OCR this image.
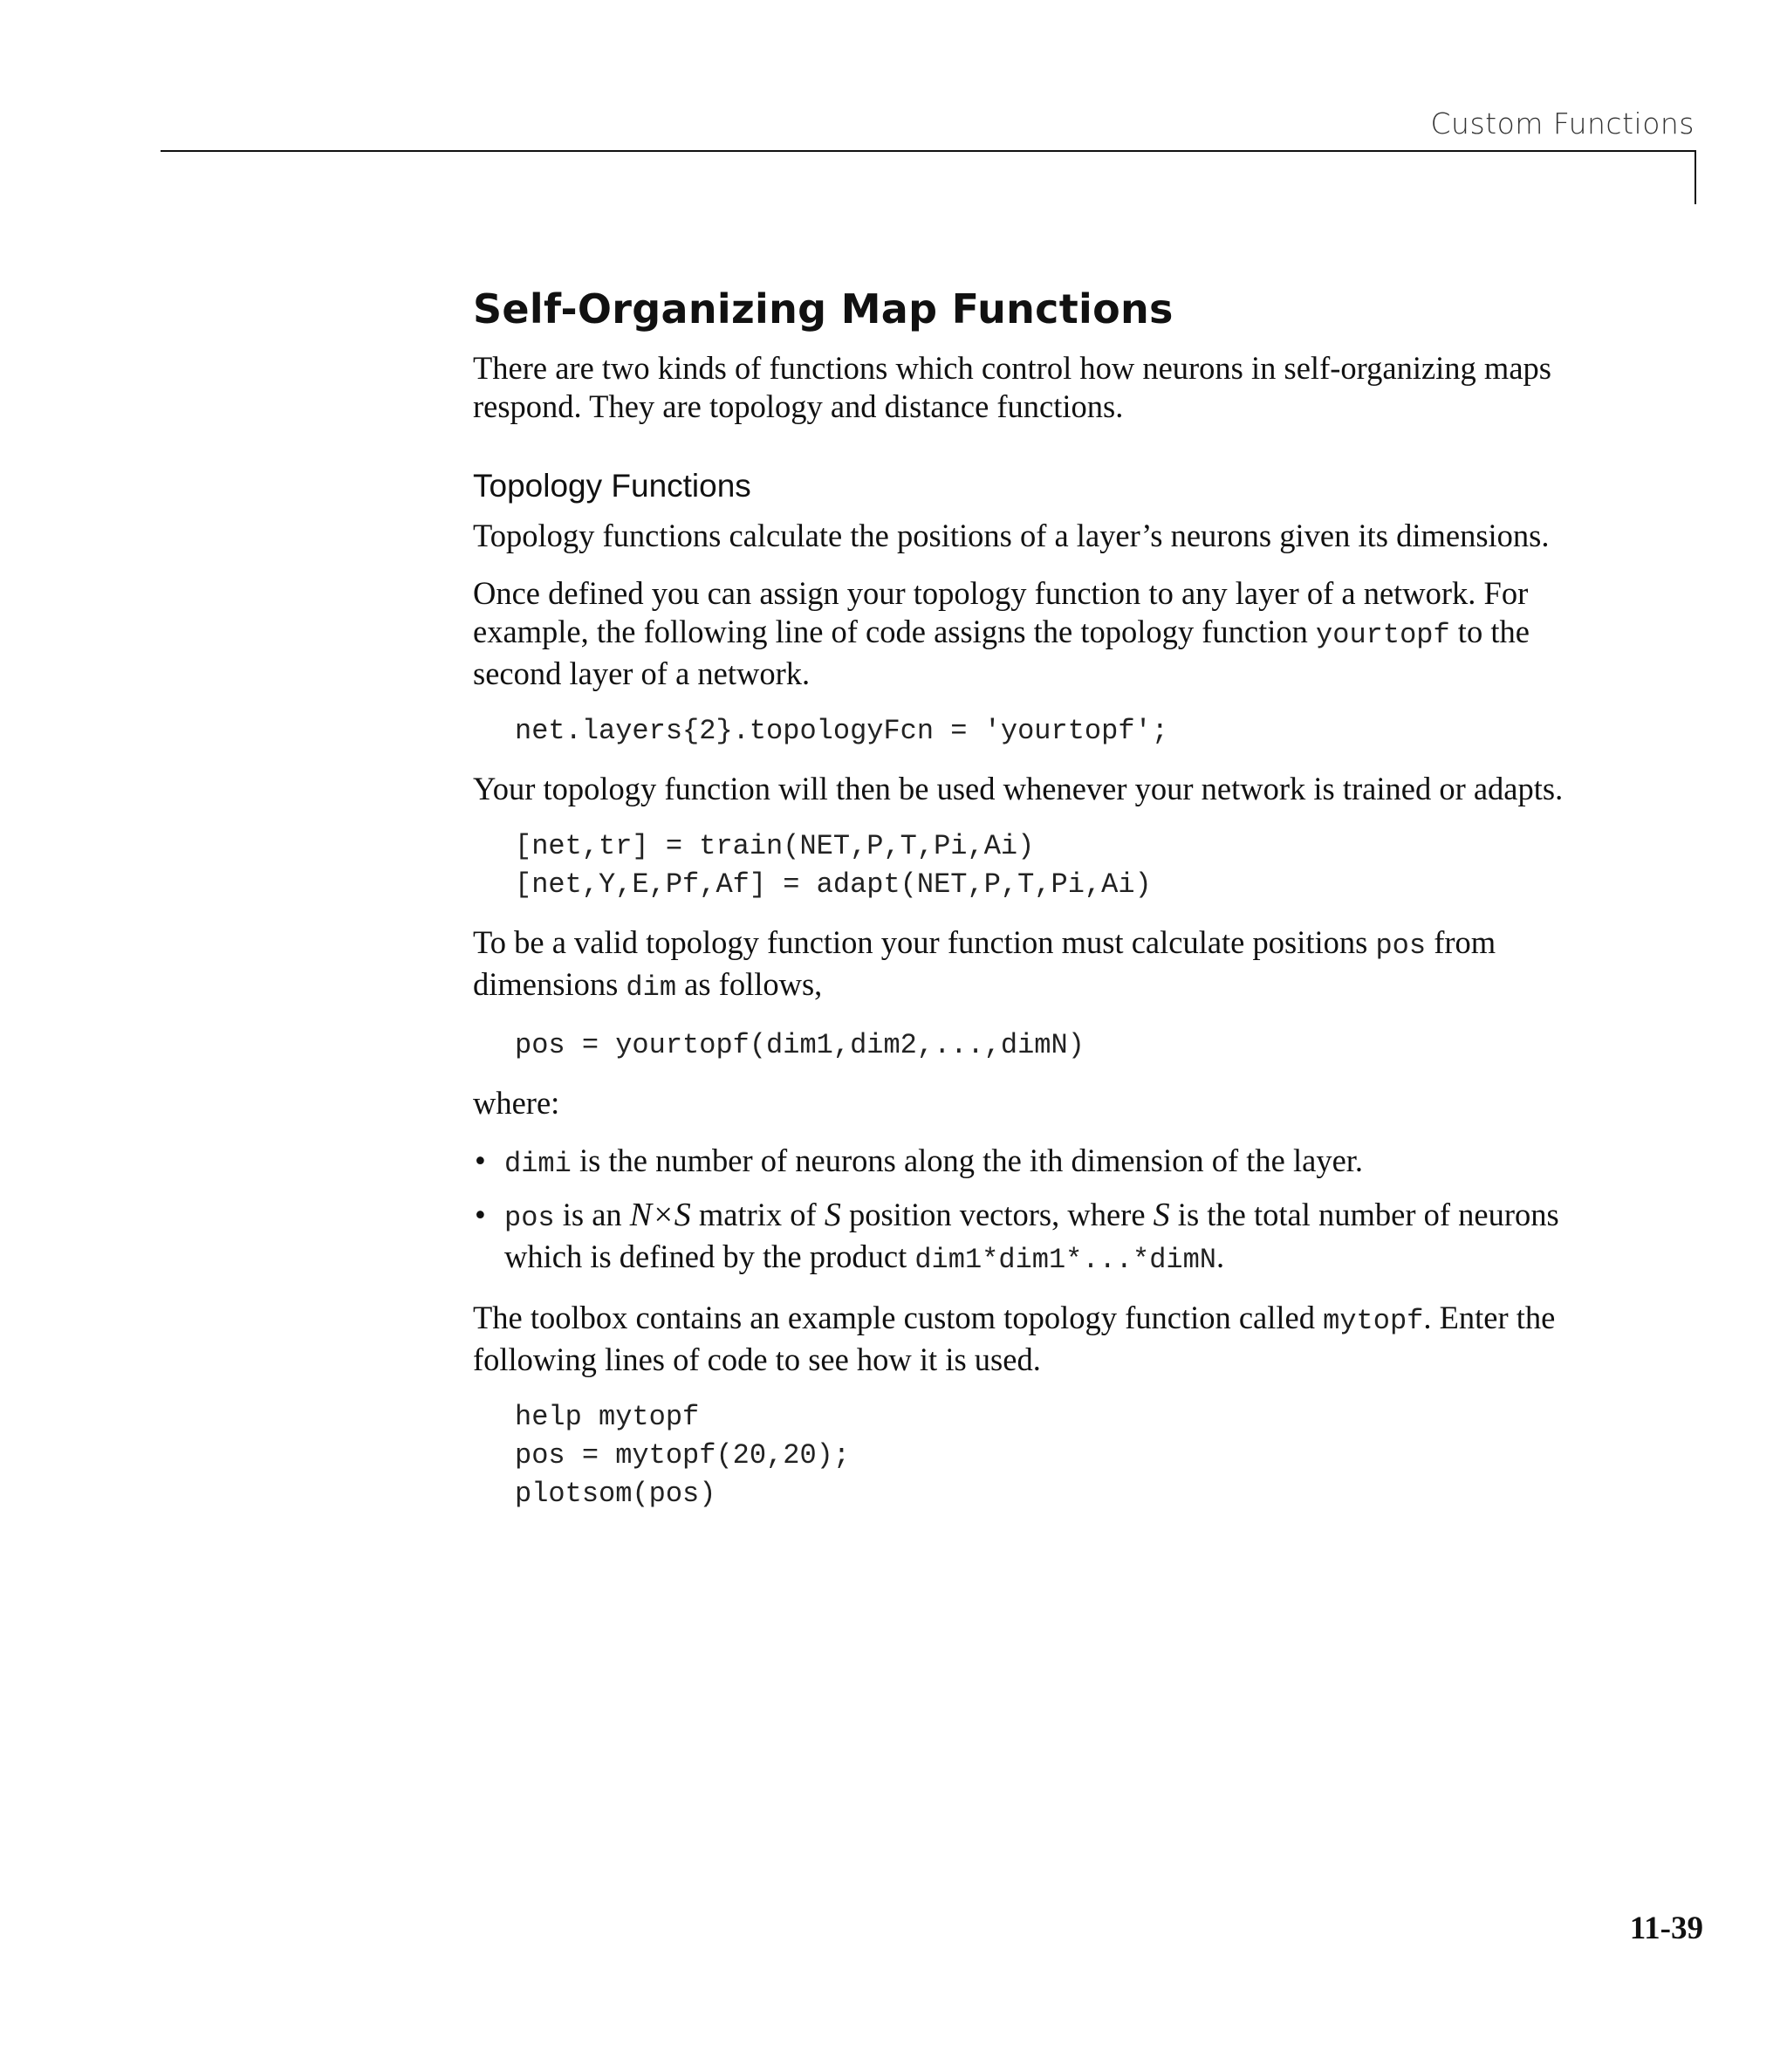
Custom Functions
Self-Organizing Map Functions

There are two kinds of functions which control how neurons in self-organizing maps respond. They are topology and distance functions.

Topology Functions

Topology functions calculate the positions of a layer’s neurons given its dimensions.

Once defined you can assign your topology function to any layer of a network. For example, the following line of code assigns the topology function yourtopf to the second layer of a network.

net.layers{2}.topologyFcn = 'yourtopf';

Your topology function will then be used whenever your network is trained or adapts.

[net,tr] = train(NET,P,T,Pi,Ai)
[net,Y,E,Pf,Af] = adapt(NET,P,T,Pi,Ai)

To be a valid topology function your function must calculate positions pos from dimensions dim as follows,

pos = yourtopf(dim1,dim2,...,dimN)

where:

• dimi is the number of neurons along the ith dimension of the layer.
• pos is an N×S matrix of S position vectors, where S is the total number of neurons which is defined by the product dim1*dim1*...*dimN.

The toolbox contains an example custom topology function called mytopf. Enter the following lines of code to see how it is used.

help mytopf
pos = mytopf(20,20);
plotsom(pos)
11-39
